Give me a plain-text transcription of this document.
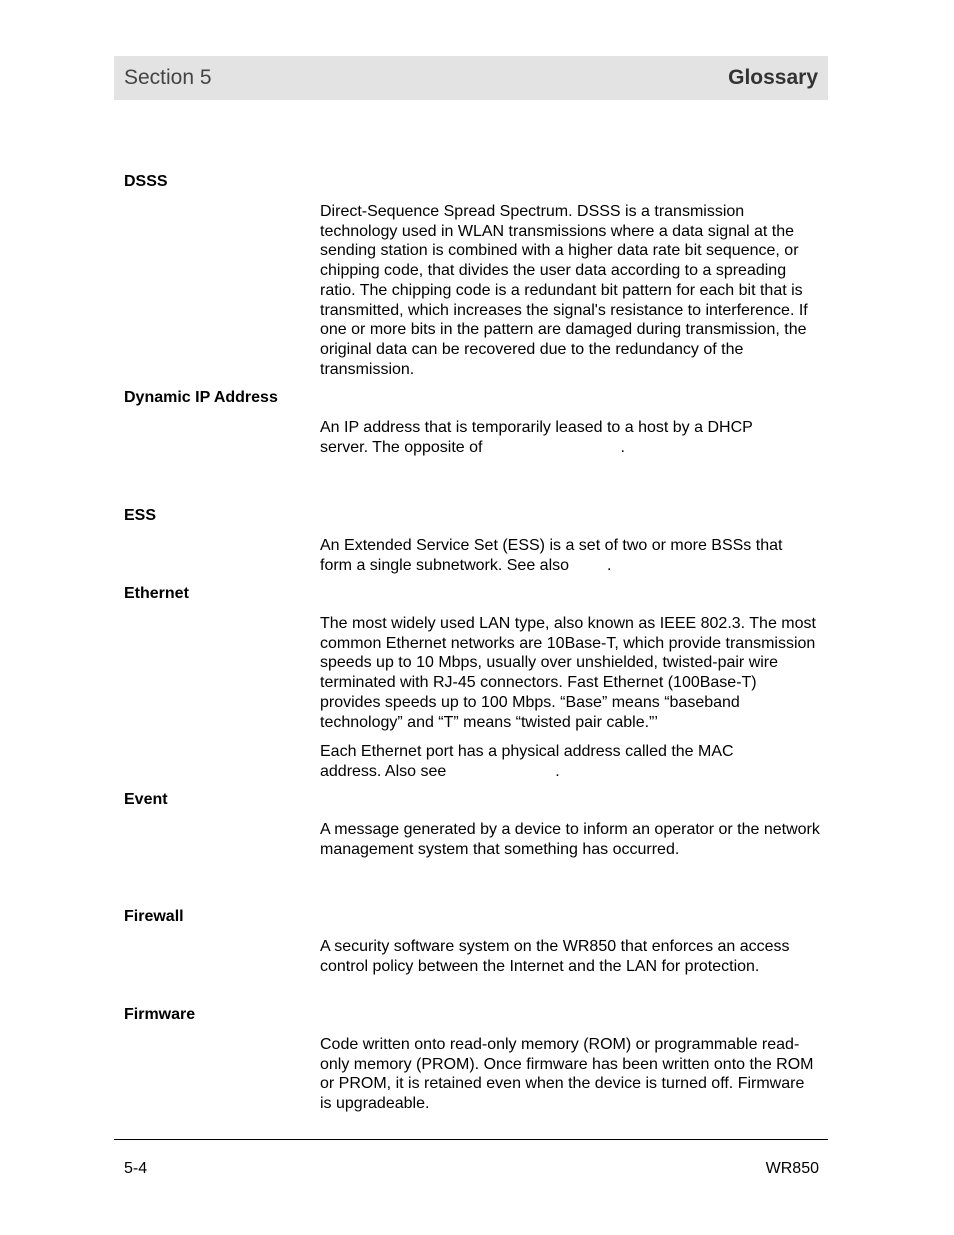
Section 5	Glossary
DSSS

Direct-Sequence Spread Spectrum. DSSS is a transmission technology used in WLAN transmissions where a data signal at the sending station is combined with a higher data rate bit sequence, or chipping code, that divides the user data according to a spreading ratio. The chipping code is a redundant bit pattern for each bit that is transmitted, which increases the signal's resistance to interference. If one or more bits in the pattern are damaged during transmission, the original data can be recovered due to the redundancy of the transmission.

Dynamic IP Address

An IP address that is temporarily leased to a host by a DHCP

server. The opposite of	.

ESS

An Extended Service Set (ESS) is a set of two or more BSSs that

form a single subnetwork. See also .

Ethernet

The most widely used LAN type, also known as IEEE 802.3. The most common Ethernet networks are 10Base-T, which provide transmission speeds up to 10 Mbps, usually over unshielded, twisted-pair wire terminated with RJ-45 connectors. Fast Ethernet (100Base-T) provides speeds up to 100 Mbps. “Base” means “baseband technology” and “T” means “twisted pair cable.”’

Each Ethernet port has a physical address called the MAC

address. Also see	.

Event

A message generated by a device to inform an operator or the network management system that something has occurred.

Firewall

A security software system on the WR850 that enforces an access control policy between the Internet and the LAN for protection.

Firmware

Code written onto read-only memory (ROM) or programmable read-only memory (PROM). Once firmware has been written onto the ROM or PROM, it is retained even when the device is turned off. Firmware is upgradeable.

5-4	WR850
